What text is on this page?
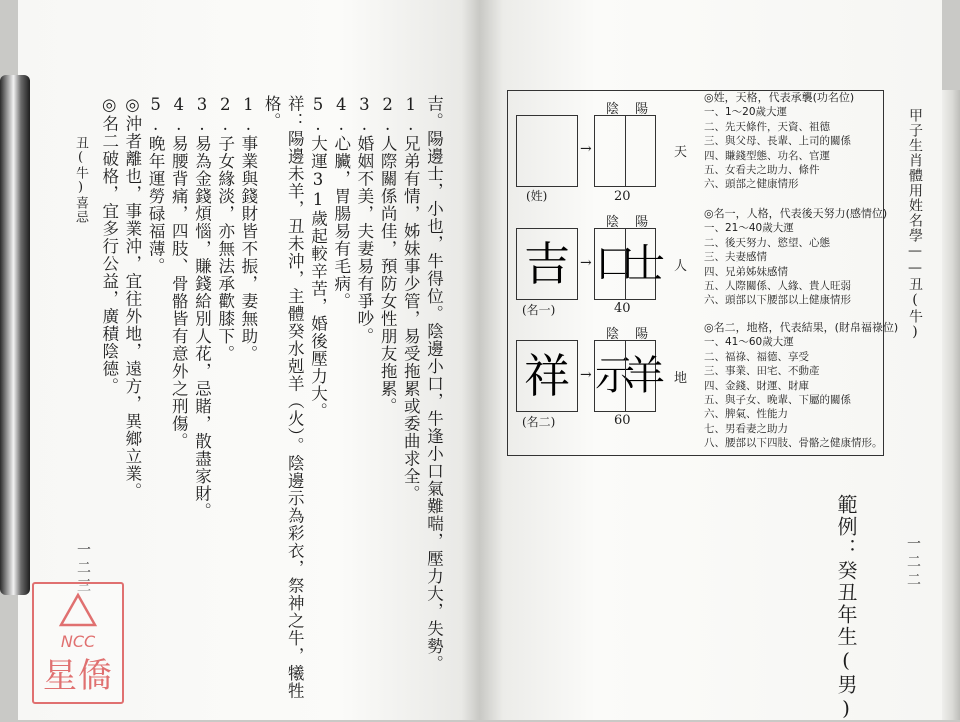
吉。陽邊士，小也，牛得位。陰邊小口，牛逢小口氣難喘，壓力大，失勢。
1.兄弟有情，姊妹事少管，易受拖累或委曲求全。
2.人際關係尚佳，預防女性朋友拖累。
3.婚姻不美，夫妻易有爭吵。
4.心臟，胃腸易有毛病。
5.大運31歲起較辛苦，婚後壓力大。
祥：陽邊未羊，丑未沖，主體癸水剋羊（火）。陰邊示為彩衣，祭神之牛，犧牲
格。
1.事業與錢財皆不振，妻無助。
2.子女緣淡，亦無法承歡膝下。
3.易為金錢煩惱，賺錢給別人花，忌賭，散盡家財。
4.易腰背痛，四肢、骨骼皆有意外之刑傷。
5.晚年運勞碌福薄。
◎沖者離也，事業沖，宜往外地，遠方，異鄉立業。
◎名二破格，宜多行公益，廣積陰德。
丑(牛)喜忌
一二三
甲子生肖體用姓名學——丑(牛)
一二二
範例：癸丑年生(男)
陰 陽
→	天
(姓)	20
◎姓，天格，代表承襲(功名位)
一、1～20歲大運
二、先天條件，天資、祖德
三、與父母、長輩、上司的關係
四、賺錢型態、功名、官運
五、女看夫之助力、條件
六、頭部之健康情形
陰 陽
吉 → 口
士 人
(名一)	40
◎名一，人格，代表後天努力(感情位)
一、21～40歲大運
二、後天努力、慾望、心態
三、夫妻感情
四、兄弟姊妹感情
五、人際關係、人緣、貴人旺弱
六、頭部以下腰部以上健康情形
陰 陽
祥 → 示
羊 地
(名二)	60
◎名二，地格，代表結果，(財帛福祿位)
一、41～60歲大運
二、福祿、福德、享受
三、事業、田宅、不動產
四、金錢、財運、財庫
五、與子女、晚輩、下屬的關係
六、脾氣、性能力
七、男看妻之助力
八、腰部以下四肢、骨骼之健康情形。
NCC
星僑
